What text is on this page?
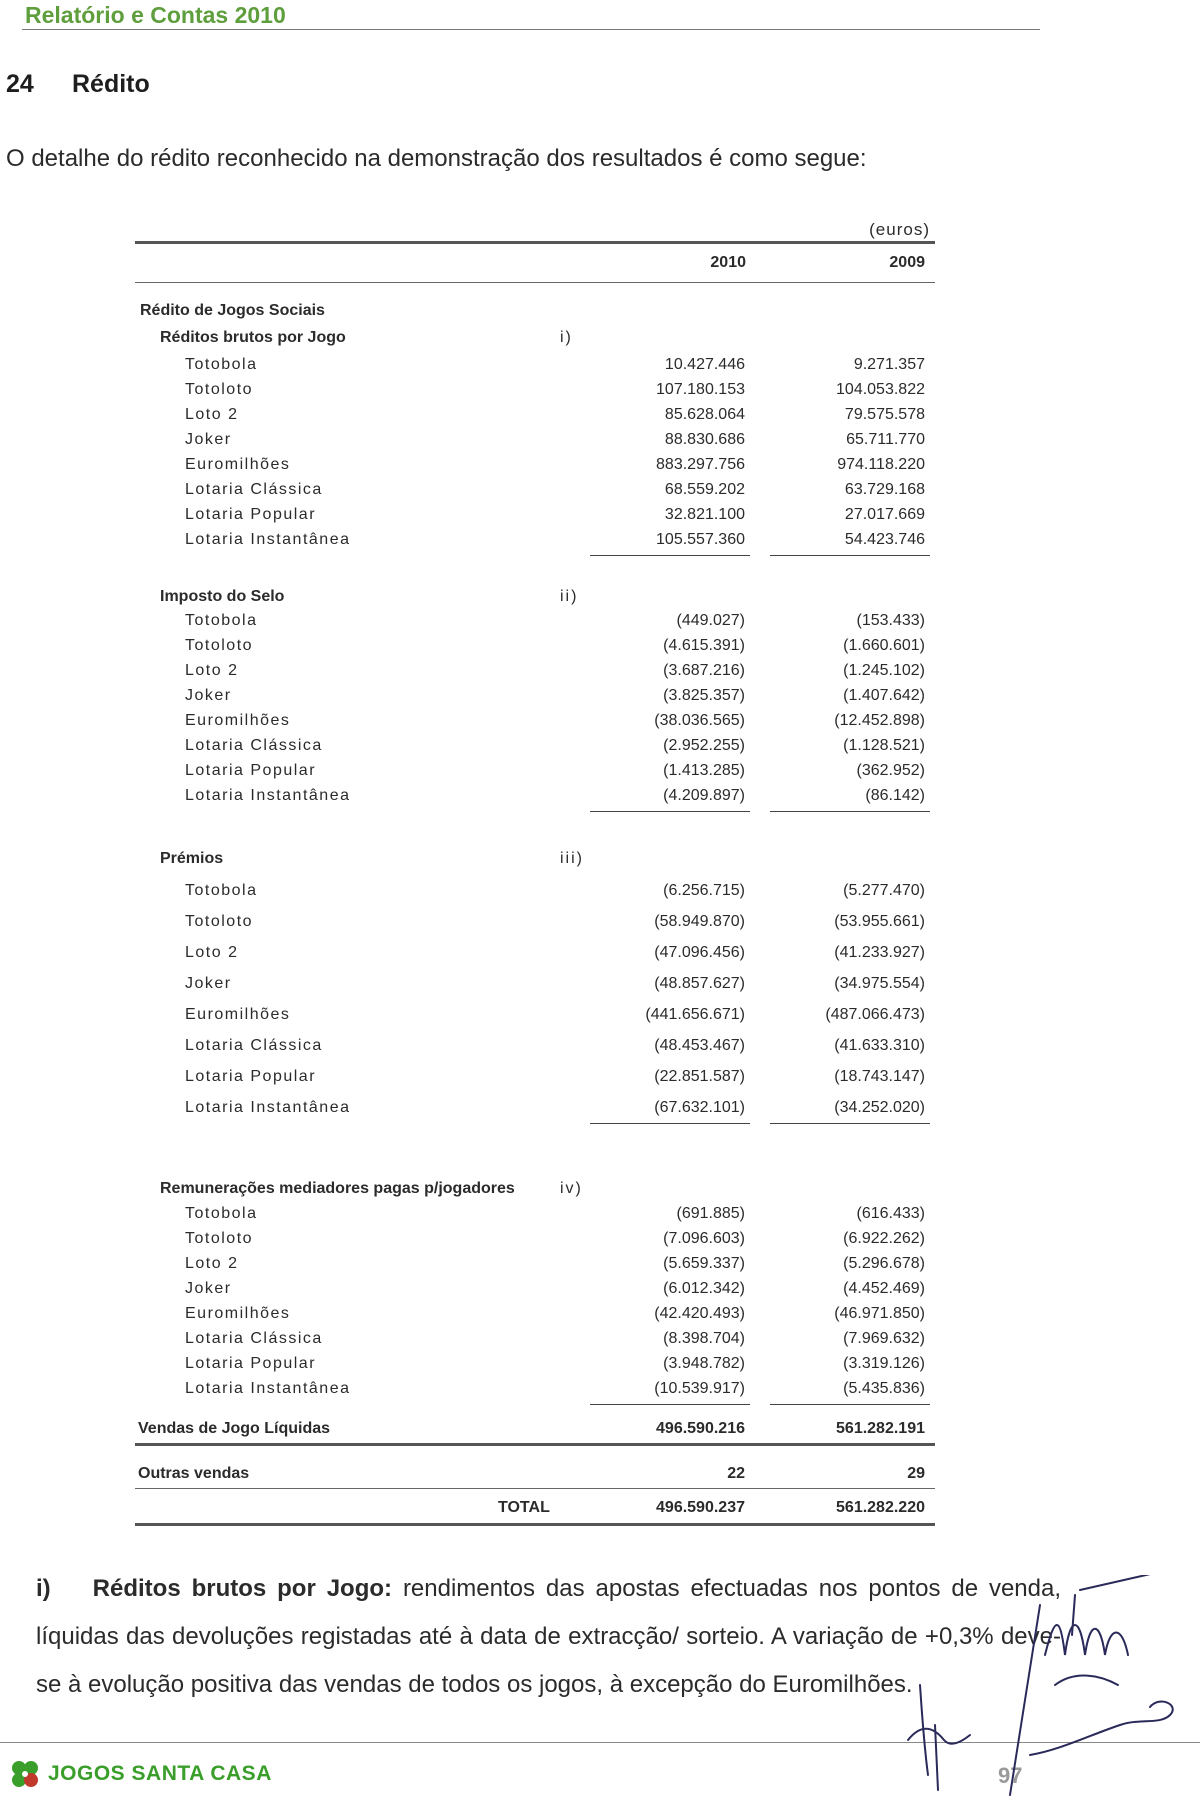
Relatório e Contas 2010
24 Rédito
O detalhe do rédito reconhecido na demonstração dos resultados é como segue:
(euros)
2010	2009
Rédito de Jogos Sociais
Réditos brutos por Jogo	i)
Totobola	10.427.446	9.271.357
Totoloto	107.180.153	104.053.822
Loto 2	85.628.064	79.575.578
Joker	88.830.686	65.711.770
Euromilhões	883.297.756	974.118.220
Lotaria Clássica	68.559.202	63.729.168
Lotaria Popular	32.821.100	27.017.669
Lotaria Instantânea	105.557.360	54.423.746
Imposto do Selo	ii)
Totobola	(449.027)	(153.433)
Totoloto	(4.615.391)	(1.660.601)
Loto 2	(3.687.216)	(1.245.102)
Joker	(3.825.357)	(1.407.642)
Euromilhões	(38.036.565)	(12.452.898)
Lotaria Clássica	(2.952.255)	(1.128.521)
Lotaria Popular	(1.413.285)	(362.952)
Lotaria Instantânea	(4.209.897)	(86.142)
Prémios	iii)
Totobola	(6.256.715)	(5.277.470)
Totoloto	(58.949.870)	(53.955.661)
Loto 2	(47.096.456)	(41.233.927)
Joker	(48.857.627)	(34.975.554)
Euromilhões	(441.656.671)	(487.066.473)
Lotaria Clássica	(48.453.467)	(41.633.310)
Lotaria Popular	(22.851.587)	(18.743.147)
Lotaria Instantânea	(67.632.101)	(34.252.020)
Remunerações mediadores pagas p/jogadores	iv)
Totobola	(691.885)	(616.433)
Totoloto	(7.096.603)	(6.922.262)
Loto 2	(5.659.337)	(5.296.678)
Joker	(6.012.342)	(4.452.469)
Euromilhões	(42.420.493)	(46.971.850)
Lotaria Clássica	(8.398.704)	(7.969.632)
Lotaria Popular	(3.948.782)	(3.319.126)
Lotaria Instantânea	(10.539.917)	(5.435.836)
Vendas de Jogo Líquidas	496.590.216	561.282.191
Outras vendas	22	29
TOTAL	496.590.237	561.282.220
i) Réditos brutos por Jogo: rendimentos das apostas efectuadas nos pontos de venda, líquidas das devoluções registadas até à data de extracção/ sorteio. A variação de +0,3% deve-se à evolução positiva das vendas de todos os jogos, à excepção do Euromilhões.
JOGOS SANTA CASA	97
